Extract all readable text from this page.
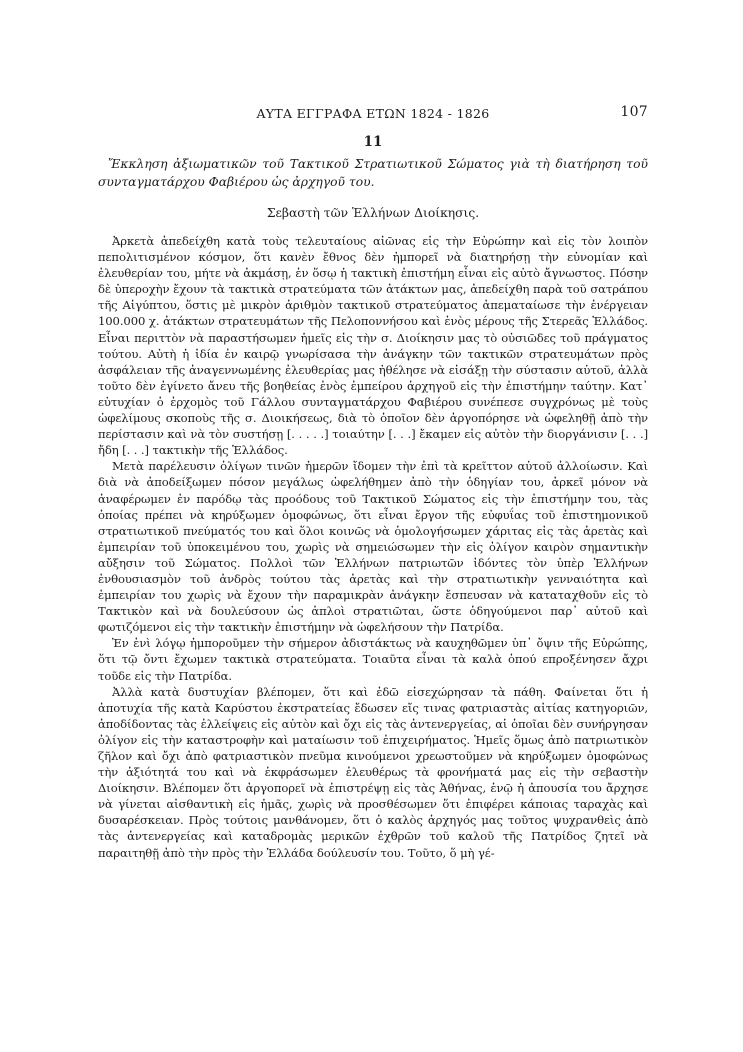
ΑΥΤΑ ΕΓΓΡΑΦΑ ΕΤΩΝ 1824 - 1826	107
11
Ἔκκληση ἀξιωματικῶν τοῦ Τακτικοῦ Στρατιωτικοῦ Σώματος γιὰ τὴ διατήρηση τοῦ συνταγματάρχου Φαβιέρου ὡς ἀρχηγοῦ του.
Σεβαστὴ τῶν Ἑλλήνων Διοίκησις.

Ἀρκετὰ ἀπεδείχθη κατὰ τοὺς τελευταίους αἰῶνας εἰς τὴν Εὐρώπην καὶ εἰς τὸν λοιπὸν πεπολιτισμένον κόσμον, ὅτι κανὲν ἔθνος δὲν ἠμπορεῖ νὰ διατηρήσῃ τὴν εὐνομίαν καὶ ἐλευθερίαν του, μήτε νὰ ἀκμάσῃ, ἐν ὅσῳ ἡ τακτικὴ ἐπιστήμη εἶναι εἰς αὐτὸ ἄγνωστος. Πόσην δὲ ὑπεροχὴν ἔχουν τὰ τακτικὰ στρατεύματα τῶν ἀτάκτων μας, ἀπεδείχθη παρὰ τοῦ σατράπου τῆς Αἰγύπτου, ὅστις μὲ μικρὸν ἀριθμὸν τακτικοῦ στρατεύματος ἀπεματαίωσε τὴν ἐνέργειαν 100.000 χ. ἀτάκτων στρατευμάτων τῆς Πελοποννήσου καὶ ἑνὸς μέρους τῆς Στερεᾶς Ἑλλάδος. Εἶναι περιττὸν νὰ παραστήσωμεν ἡμεῖς εἰς τὴν σ. Διοίκησιν μας τὸ οὐσιῶδες τοῦ πράγματος τούτου. Αὐτὴ ἡ ἰδία ἐν καιρῷ γνωρίσασα τὴν ἀνάγκην τῶν τακτικῶν στρατευμάτων πρὸς ἀσφάλειαν τῆς ἀναγεννωμένης ἐλευθερίας μας ἠθέλησε νὰ εἰσάξῃ τὴν σύστασιν αὐτοῦ, ἀλλὰ τοῦτο δὲν ἐγίνετο ἄνευ τῆς βοηθείας ἑνὸς ἐμπείρου ἀρχηγοῦ εἰς τὴν ἐπιστήμην ταύτην. Κατ᾽ εὐτυχίαν ὁ ἐρχομὸς τοῦ Γάλλου συνταγματάρχου Φαβιέρου συνέπεσε συγχρόνως μὲ τοὺς ὠφελίμους σκοποὺς τῆς σ. Διοικήσεως, διὰ τὸ ὁποῖον δὲν ἀργοπόρησε νὰ ὠφεληθῇ ἀπὸ τὴν περίστασιν καὶ νὰ τὸν συστήσῃ [. . . . .] τοιαύτην [. . .] ἔκαμεν εἰς αὐτὸν τὴν διοργάνισιν [. . .] ἤδη [. . .] τακτικὴν τῆς Ἑλλάδος.

Μετὰ παρέλευσιν ὀλίγων τινῶν ἡμερῶν ἴδομεν τὴν ἐπὶ τὰ κρεῖττον αὐτοῦ ἀλλοίωσιν. Καὶ διὰ νὰ ἀποδείξωμεν πόσον μεγάλως ὠφελήθημεν ἀπὸ τὴν ὁδηγίαν του, ἀρκεῖ μόνον νὰ ἀναφέρωμεν ἐν παρόδῳ τὰς προόδους τοῦ Τακτικοῦ Σώματος εἰς τὴν ἐπιστήμην του, τὰς ὁποίας πρέπει νὰ κηρύξωμεν ὁμοφώνως, ὅτι εἶναι ἔργον τῆς εὐφυΐας τοῦ ἐπιστημονικοῦ στρατιωτικοῦ πνεύματός του καὶ ὅλοι κοινῶς νὰ ὁμολογήσωμεν χάριτας εἰς τὰς ἀρετὰς καὶ ἐμπειρίαν τοῦ ὑποκειμένου του, χωρὶς νὰ σημειώσωμεν τὴν εἰς ὀλίγον καιρὸν σημαντικὴν αὔξησιν τοῦ Σώματος. Πολλοὶ τῶν Ἑλλήνων πατριωτῶν ἰδόντες τὸν ὑπὲρ Ἑλλήνων ἐνθουσιασμὸν τοῦ ἀνδρὸς τούτου τὰς ἀρετὰς καὶ τὴν στρατιωτικὴν γενναιότητα καὶ ἐμπειρίαν του χωρὶς νὰ ἔχουν τὴν παραμικρὰν ἀνάγκην ἔσπευσαν νὰ καταταχθοῦν εἰς τὸ Τακτικὸν καὶ νὰ δουλεύσουν ὡς ἁπλοὶ στρατιῶται, ὥστε ὁδηγούμενοι παρ᾽ αὐτοῦ καὶ φωτιζόμενοι εἰς τὴν τακτικὴν ἐπιστήμην νὰ ὠφελήσουν τὴν Πατρίδα.

Ἐν ἑνὶ λόγῳ ἠμποροῦμεν τὴν σήμερον ἀδιστάκτως νὰ καυχηθῶμεν ὑπ᾽ ὄψιν τῆς Εὐρώπης, ὅτι τῷ ὄντι ἔχωμεν τακτικὰ στρατεύματα. Τοιαῦτα εἶναι τὰ καλὰ ὁπού επροξένησεν ἄχρι τοῦδε εἰς τὴν Πατρίδα.

Ἀλλὰ κατὰ δυστυχίαν βλέπομεν, ὅτι καὶ ἐδῶ εἰσεχώρησαν τὰ πάθη. Φαίνεται ὅτι ἡ ἀποτυχία τῆς κατὰ Καρύστου ἐκστρατείας ἔδωσεν εἴς τινας φατριαστὰς αἰτίας κατηγοριῶν, ἀποδίδοντας τὰς ἐλλείψεις εἰς αὐτὸν καὶ ὄχι εἰς τὰς ἀντενεργείας, αἱ ὁποῖαι δὲν συνήργησαν ὀλίγον εἰς τὴν καταστροφὴν καὶ ματαίωσιν τοῦ ἐπιχειρήματος. Ἡμεῖς ὅμως ἀπὸ πατριωτικὸν ζῆλον καὶ ὄχι ἀπὸ φατριαστικὸν πνεῦμα κινούμενοι χρεωστοῦμεν νὰ κηρύξωμεν ὁμοφώνως τὴν ἀξιότητά του καὶ νὰ ἐκφράσωμεν ἐλευθέρως τὰ φρονήματά μας εἰς τὴν σεβαστὴν Διοίκησιν. Βλέπομεν ὅτι ἀργοπορεῖ νὰ ἐπιστρέψῃ εἰς τὰς Ἀθήνας, ἐνῷ ἡ ἀπουσία του ἄρχησε νὰ γίνεται αἰσθαντικὴ εἰς ἡμᾶς, χωρὶς νὰ προσθέσωμεν ὅτι ἐπιφέρει κάποιας ταραχὰς καὶ δυσαρέσκειαν. Πρὸς τούτοις μανθάνομεν, ὅτι ὁ καλὸς ἀρχηγός μας τοῦτος ψυχρανθεὶς ἀπὸ τὰς ἀντενεργείας καὶ καταδρομὰς μερικῶν ἐχθρῶν τοῦ καλοῦ τῆς Πατρίδος ζητεῖ νὰ παραιτηθῇ ἀπὸ τὴν πρὸς τὴν Ἑλλάδα δούλευσίν του. Τοῦτο, ὅ μὴ γέ-
